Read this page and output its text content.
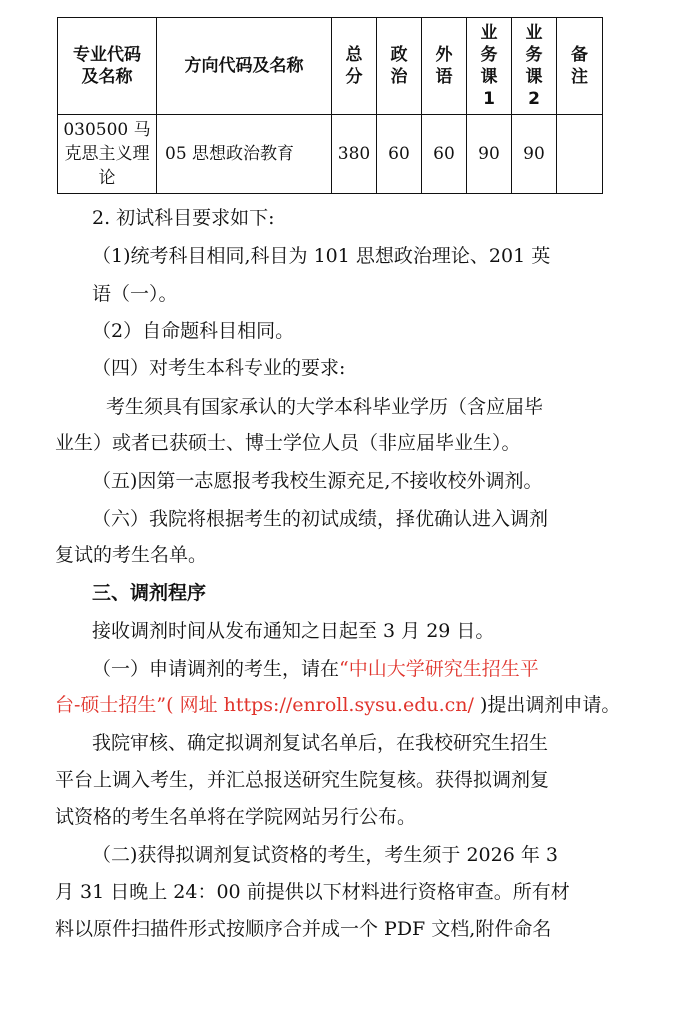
专业代码及名称	方向代码及名称	总分	政治	外语	业务课1	业务课2	备注
030500 马克思主义理论	05 思想政治教育	380	60	60	90	90	
2. 初试科目要求如下:
（1)统考科目相同,科目为 101 思想政治理论、201 英
语（一）。
（2）自命题科目相同。
（四）对考生本科专业的要求:
考生须具有国家承认的大学本科毕业学历（含应届毕
业生）或者已获硕士、博士学位人员（非应届毕业生）。
（五)因第一志愿报考我校生源充足,不接收校外调剂。
（六）我院将根据考生的初试成绩，择优确认进入调剂
复试的考生名单。
三、调剂程序
接收调剂时间从发布通知之日起至 3 月 29 日。
（一）申请调剂的考生，请在“中山大学研究生招生平
台-硕士招生”( 网址 https://enroll.sysu.edu.cn/ )提出调剂申请。
我院审核、确定拟调剂复试名单后，在我校研究生招生
平台上调入考生，并汇总报送研究生院复核。获得拟调剂复
试资格的考生名单将在学院网站另行公布。
（二)获得拟调剂复试资格的考生，考生须于 2026 年 3
月 31 日晚上 24：00 前提供以下材料进行资格审查。所有材
料以原件扫描件形式按顺序合并成一个 PDF 文档,附件命名
